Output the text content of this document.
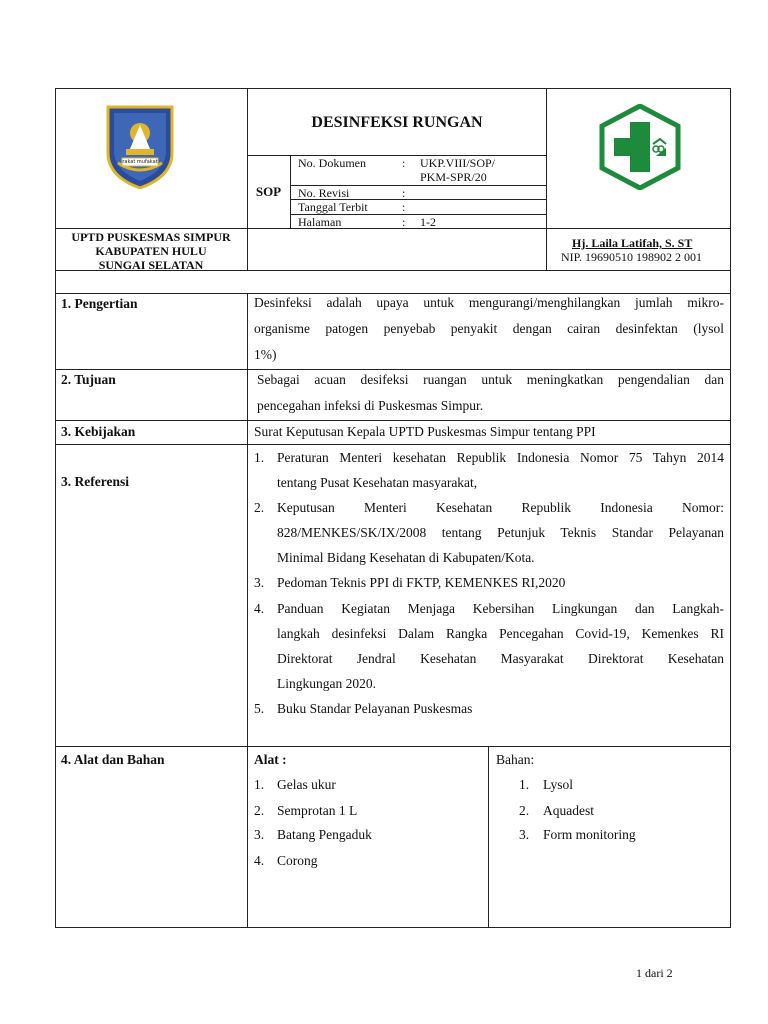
rakat mufakat
DESINFEKSI RUNGAN
SOP
No. Dokumen	: UKP.VIII/SOP/
PKM-SPR/20
No. Revisi	:
Tanggal Terbit	:
Halaman	: 1-2
UPTD PUSKESMAS SIMPUR
KABUPATEN HULU
SUNGAI SELATAN
Hj. Laila Latifah, S. ST
NIP. 19690510 198902 2 001
1. Pengertian	Desinfeksi adalah upaya untuk mengurangi/menghilangkan jumlah mikro-
organisme patogen penyebab penyakit dengan cairan desinfektan (lysol
1%)
2. Tujuan	Sebagai acuan desifeksi ruangan untuk meningkatkan pengendalian dan
pencegahan infeksi di Puskesmas Simpur.
3. Kebijakan	Surat Keputusan Kepala UPTD Puskesmas Simpur tentang PPI
3. Referensi
1. Peraturan Menteri kesehatan Republik Indonesia Nomor 75 Tahyn 2014
tentang Pusat Kesehatan masyarakat,
2. Keputusan Menteri Kesehatan Republik Indonesia Nomor:
828/MENKES/SK/IX/2008 tentang Petunjuk Teknis Standar Pelayanan
Minimal Bidang Kesehatan di Kabupaten/Kota.
3. Pedoman Teknis PPI di FKTP, KEMENKES RI,2020
4. Panduan Kegiatan Menjaga Kebersihan Lingkungan dan Langkah-
langkah desinfeksi Dalam Rangka Pencegahan Covid-19, Kemenkes RI
Direktorat Jendral Kesehatan Masyarakat Direktorat Kesehatan
Lingkungan 2020.
5. Buku Standar Pelayanan Puskesmas
4. Alat dan Bahan	Alat :
1. Gelas ukur
2. Semprotan 1 L
3. Batang Pengaduk
4. Corong
Bahan:
1. Lysol
2. Aquadest
3. Form monitoring
1 dari 2
